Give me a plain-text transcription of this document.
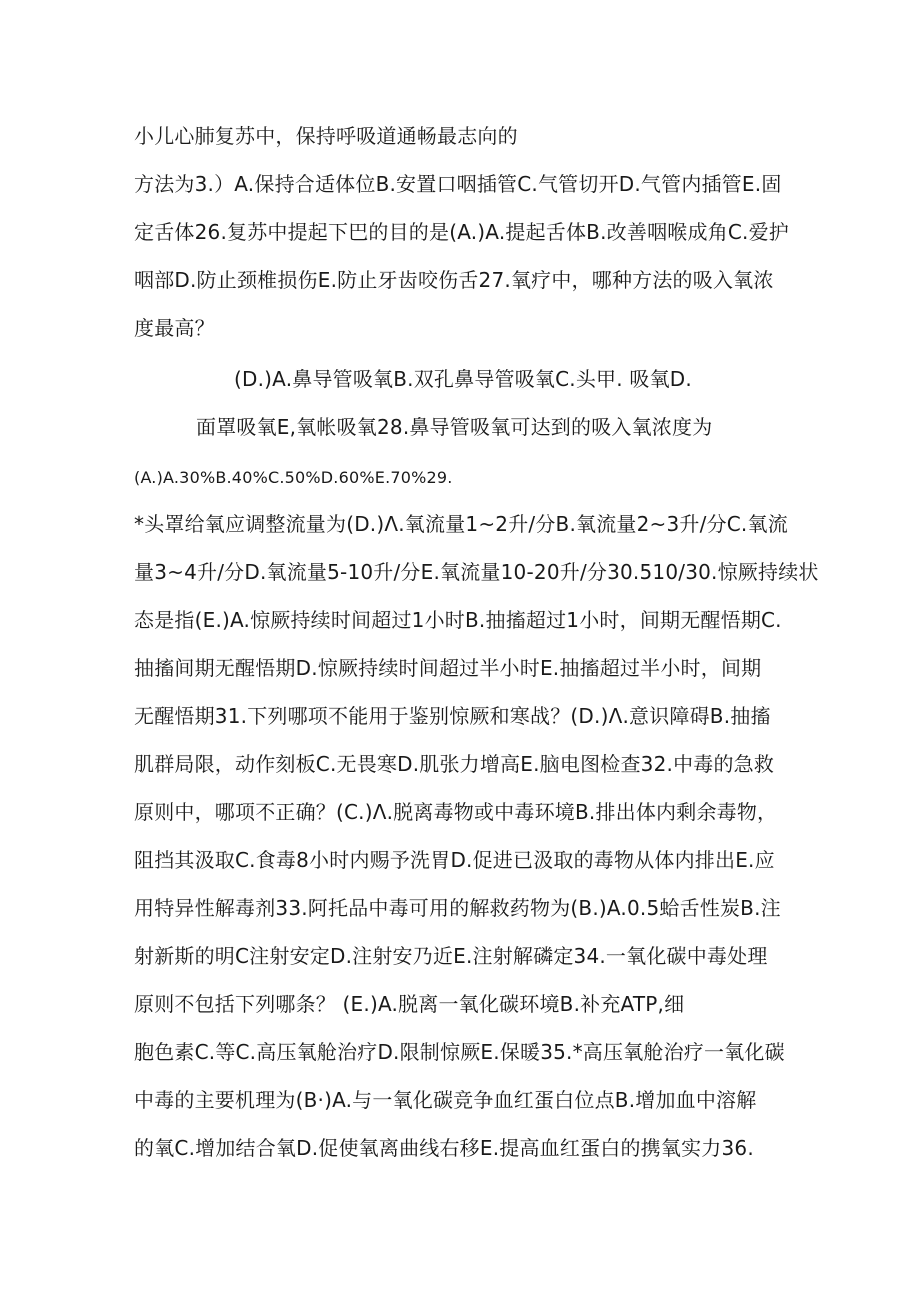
小儿心肺复苏中，保持呼吸道通畅最志向的
方法为3.）A.保持合适体位B.安置口咽插管C.气管切开D.气管内插管E.固
定舌体26.复苏中提起下巴的目的是(A.)A.提起舌体B.改善咽喉成角C.爱护
咽部D.防止颈椎损伤E.防止牙齿咬伤舌27.氧疗中，哪种方法的吸入氧浓
度最高？
(D.)A.鼻导管吸氧B.双孔鼻导管吸氧C.头甲. 吸氧D.
面罩吸氧E,氧帐吸氧28.鼻导管吸氧可达到的吸入氧浓度为
(A.)A.30%B.40%C.50%D.60%E.70%29.
*头罩给氧应调整流量为(D.)Λ.氧流量1~2升/分B.氧流量2~3升/分C.氧流
量3~4升/分D.氧流量5-10升/分E.氧流量10-20升/分30.510/30.惊厥持续状
态是指(E.)A.惊厥持续时间超过1小时B.抽搐超过1小时，间期无醒悟期C.
抽搐间期无醒悟期D.惊厥持续时间超过半小时E.抽搐超过半小时，间期
无醒悟期31.下列哪项不能用于鉴别惊厥和寒战？(D.)Λ.意识障碍B.抽搐
肌群局限，动作刻板C.无畏寒D.肌张力增高E.脑电图检查32.中毒的急救
原则中，哪项不正确？(C.)Λ.脱离毒物或中毒环境B.排出体内剩余毒物，
阻挡其汲取C.食毒8小时内赐予洗胃D.促进已汲取的毒物从体内排出E.应
用特异性解毒剂33.阿托品中毒可用的解救药物为(B.)A.0.5蛤舌性炭B.注
射新斯的明C注射安定D.注射安乃近E.注射解磷定34.一氧化碳中毒处理
原则不包括下列哪条？ (E.)A.脱离一氧化碳环境B.补充ATP,细
胞色素C.等C.高压氧舱治疗D.限制惊厥E.保暖35.*高压氧舱治疗一氧化碳
中毒的主要机理为(B·)A.与一氧化碳竞争血红蛋白位点B.增加血中溶解
的氧C.增加结合氧D.促使氧离曲线右移E.提高血红蛋白的携氧实力36.
